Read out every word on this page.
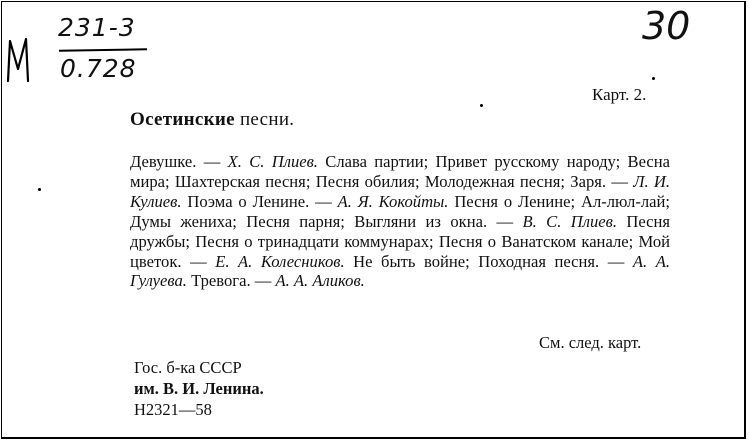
231-3
0.728
30
Карт. 2.
Осетинские песни.
Девушке. — Х. С. Плиев. Слава партии; Привет русскому народу; Весна мира; Шахтерская песня; Песня обилия; Молодежная песня; Заря. — Л. И. Кулиев. Поэма о Ленине. — А. Я. Кокойты. Песня о Ленине; Ал-люл-лай; Думы жениха; Песня парня; Выгляни из окна. — В. С. Плиев. Песня дружбы; Песня о тринадцати коммунарах; Песня о Ванатском канале; Мой цветок. — Е. А. Колесников. Не быть войне; Походная песня. — А. А. Гулуева. Тревога. — А. А. Аликов.
См. след. карт.
Гос. б-ка СССР
им. В. И. Ленина.
Н2321—58
